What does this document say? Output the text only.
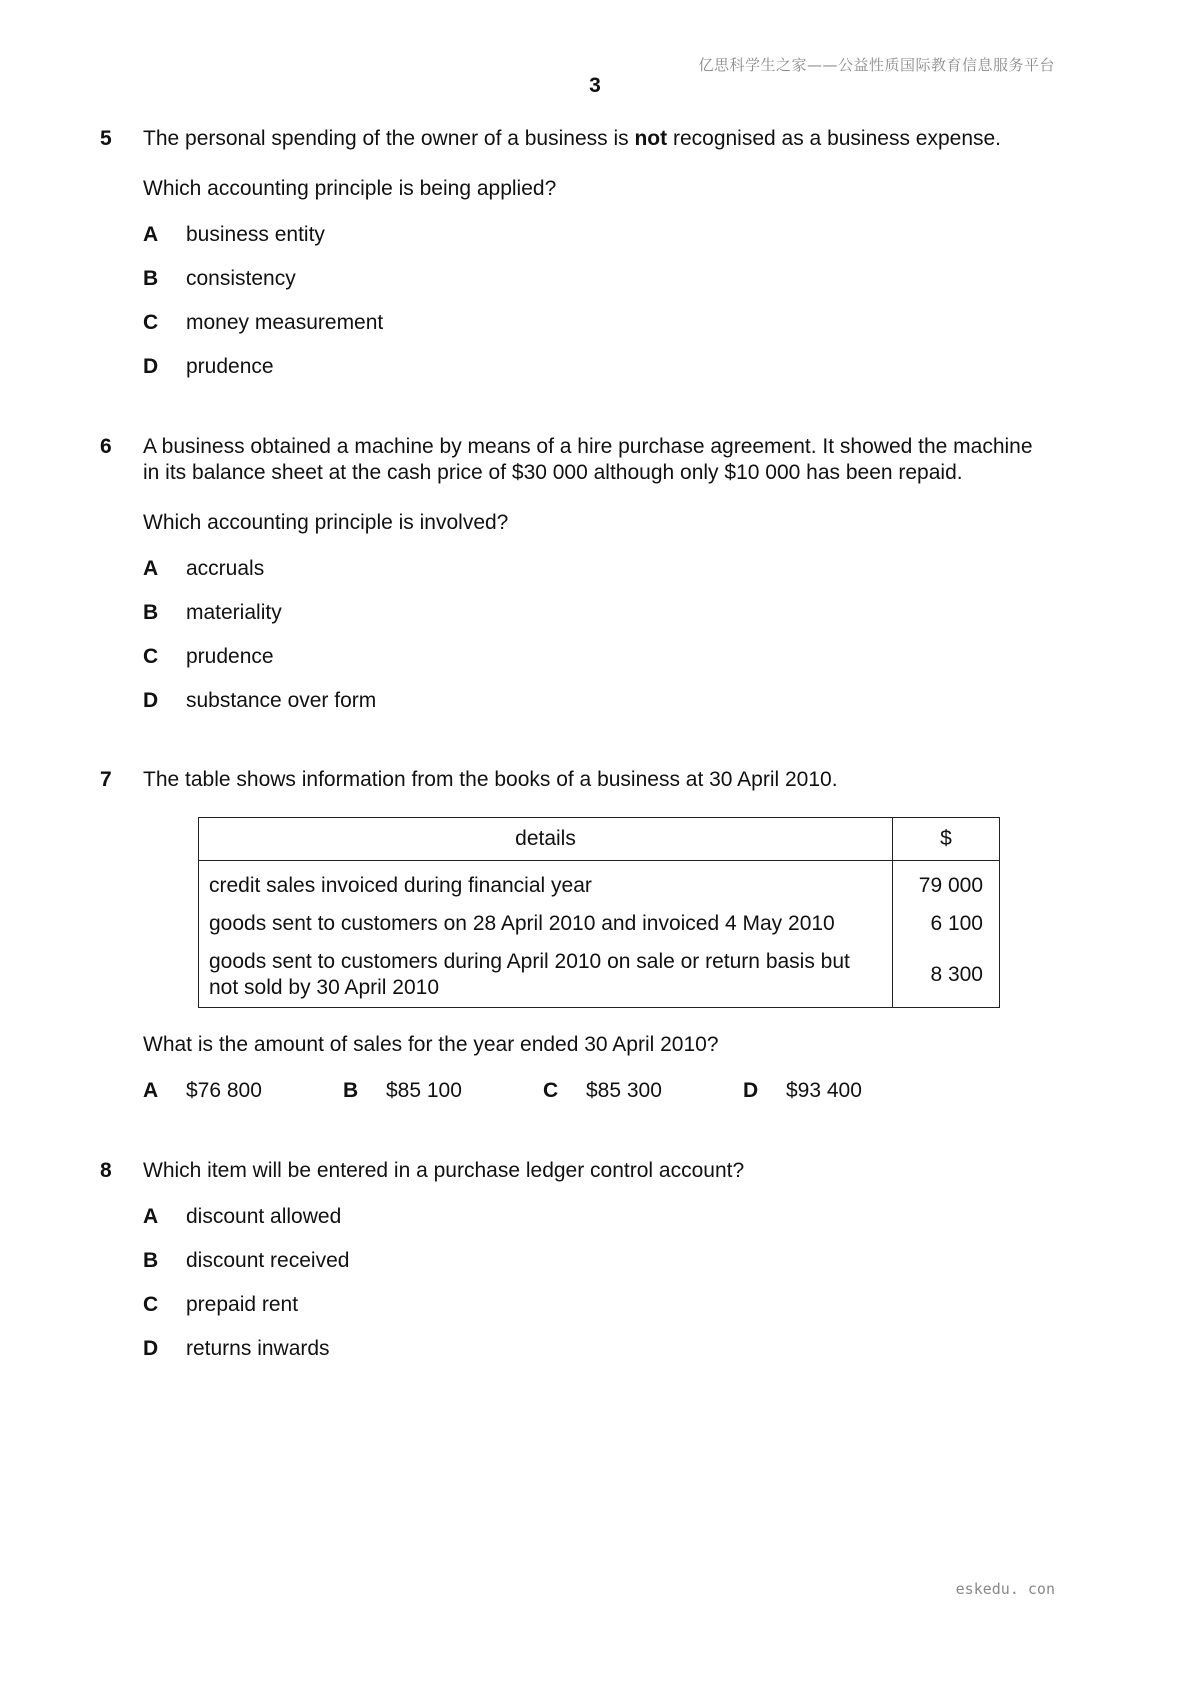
亿思科学生之家——公益性质国际教育信息服务平台
3
5 The personal spending of the owner of a business is not recognised as a business expense.

Which accounting principle is being applied?

A	business entity
B	consistency
C	money measurement
D	prudence
6 A business obtained a machine by means of a hire purchase agreement. It showed the machine
in its balance sheet at the cash price of $30 000 although only $10 000 has been repaid.

Which accounting principle is involved?

A	accruals
B	materiality
C	prudence
D	substance over form
7 The table shows information from the books of a business at 30 April 2010.

details	$
credit sales invoiced during financial year	79 000
goods sent to customers on 28 April 2010 and invoiced 4 May 2010	6 100
goods sent to customers during April 2010 on sale or return basis but not sold by 30 April 2010	8 300

What is the amount of sales for the year ended 30 April 2010?

A	$76 800	B	$85 100	C	$85 300	D	$93 400
8 Which item will be entered in a purchase ledger control account?

A	discount allowed
B	discount received
C	prepaid rent
D	returns inwards
eskedu. con
